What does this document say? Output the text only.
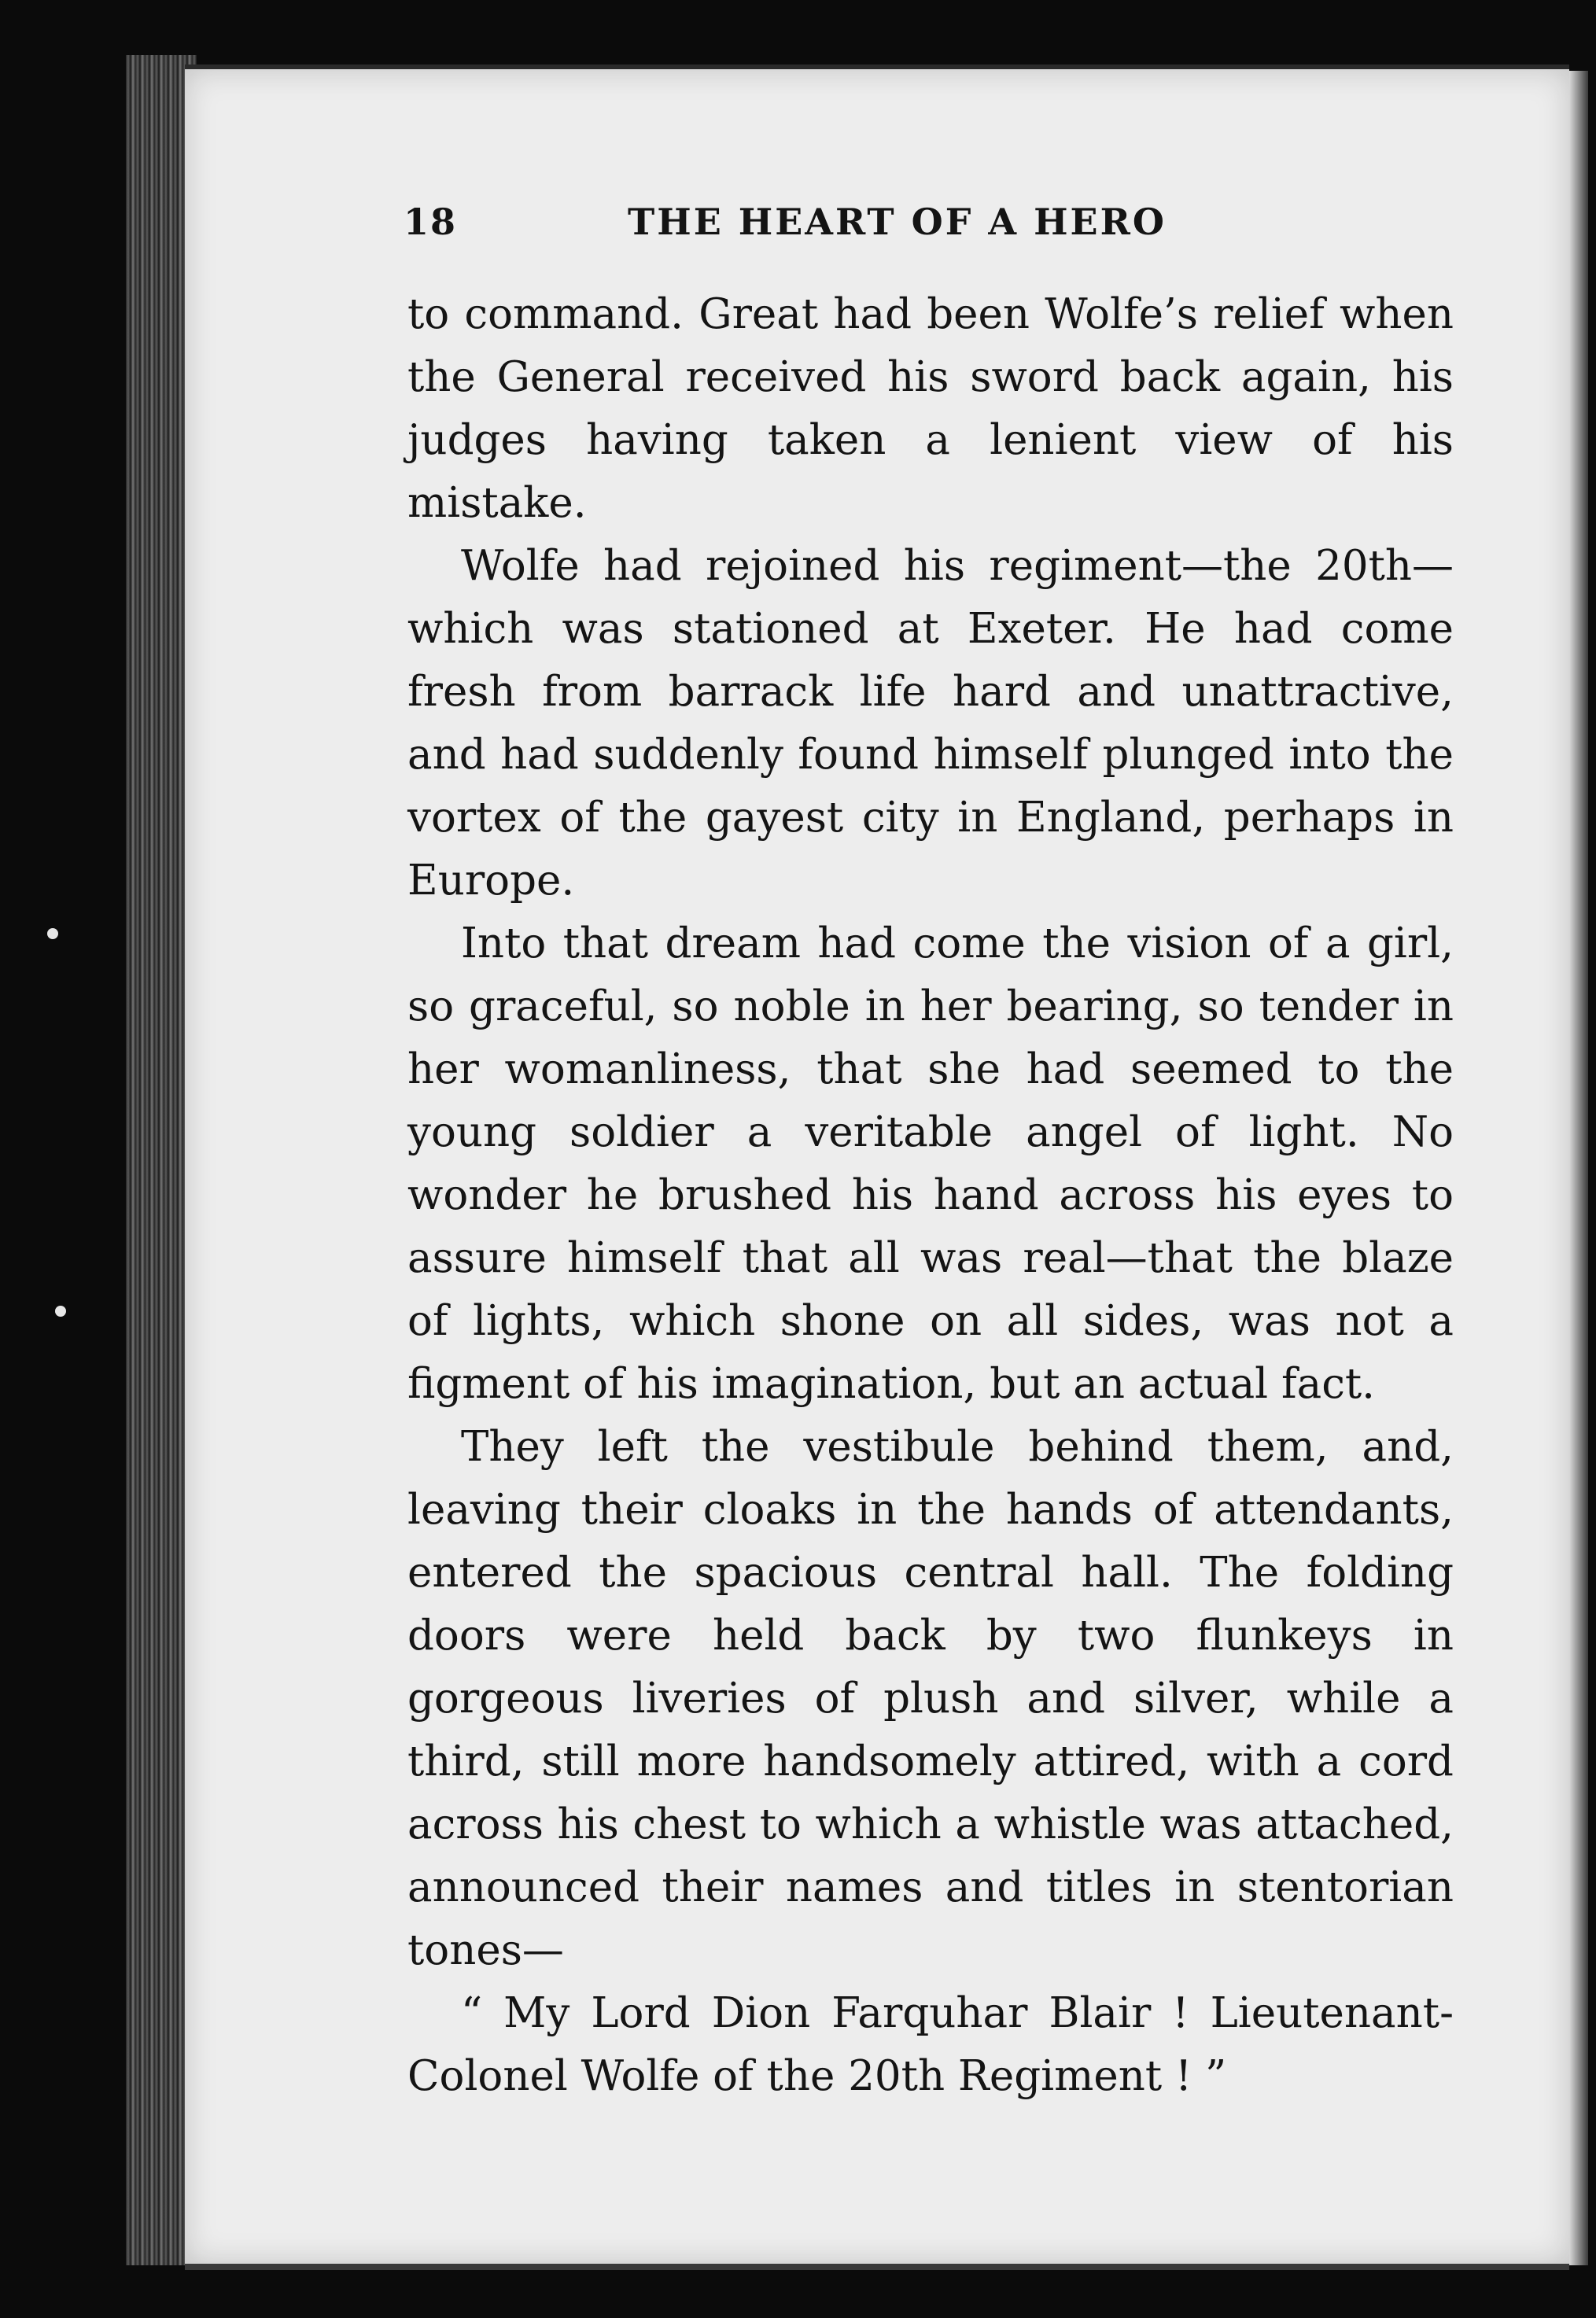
18	THE HEART OF A HERO

to command. Great had been Wolfe’s relief when the General received his sword back again, his judges having taken a lenient view of his mistake.

Wolfe had rejoined his regiment—the 20th—which was stationed at Exeter. He had come fresh from barrack life hard and unattractive, and had suddenly found himself plunged into the vortex of the gayest city in England, perhaps in Europe.

Into that dream had come the vision of a girl, so graceful, so noble in her bearing, so tender in her womanliness, that she had seemed to the young soldier a veritable angel of light. No wonder he brushed his hand across his eyes to assure himself that all was real—that the blaze of lights, which shone on all sides, was not a figment of his imagination, but an actual fact.

They left the vestibule behind them, and, leaving their cloaks in the hands of attendants, entered the spacious central hall. The folding doors were held back by two flunkeys in gorgeous liveries of plush and silver, while a third, still more handsomely attired, with a cord across his chest to which a whistle was attached, announced their names and titles in stentorian tones—

“ My Lord Dion Farquhar Blair ! Lieutenant-Colonel Wolfe of the 20th Regiment ! ”
